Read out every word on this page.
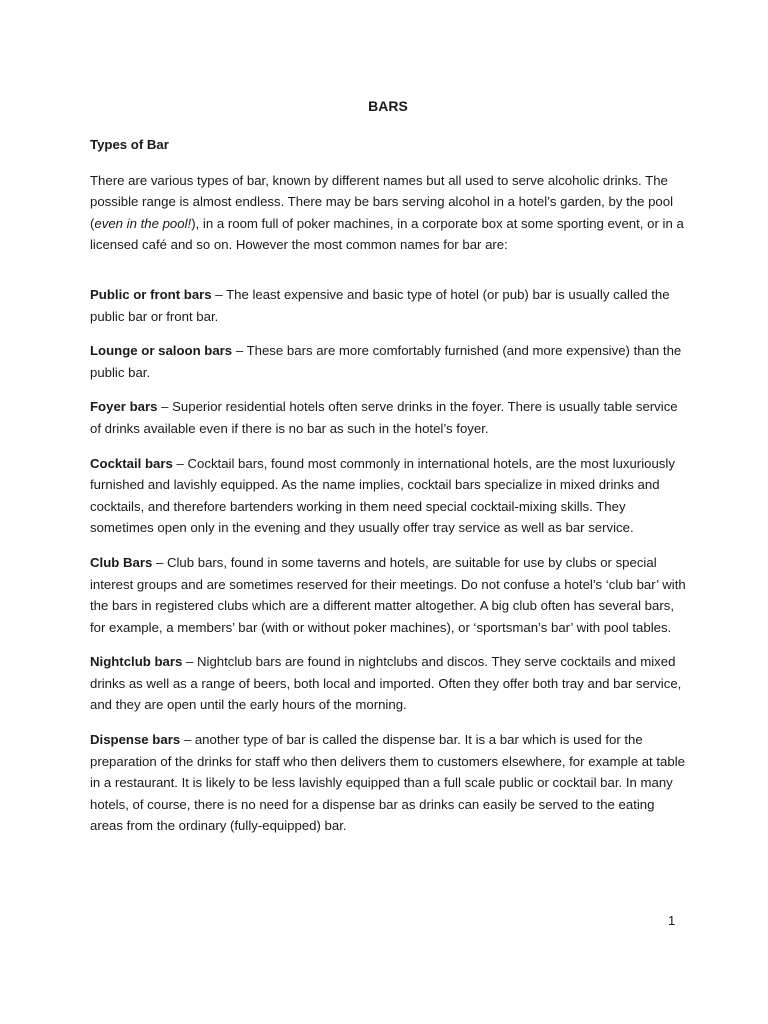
BARS
Types of Bar

There are various types of bar, known by different names but all used to serve alcoholic drinks. The possible range is almost endless. There may be bars serving alcohol in a hotel’s garden, by the pool (even in the pool!), in a room full of poker machines, in a corporate box at some sporting event, or in a licensed café and so on. However the most common names for bar are:

Public or front bars – The least expensive and basic type of hotel (or pub) bar is usually called the public bar or front bar.

Lounge or saloon bars – These bars are more comfortably furnished (and more expensive) than the public bar.

Foyer bars – Superior residential hotels often serve drinks in the foyer. There is usually table service of drinks available even if there is no bar as such in the hotel’s foyer.

Cocktail bars – Cocktail bars, found most commonly in international hotels, are the most luxuriously furnished and lavishly equipped. As the name implies, cocktail bars specialize in mixed drinks and cocktails, and therefore bartenders working in them need special cocktail-mixing skills. They sometimes open only in the evening and they usually offer tray service as well as bar service.

Club Bars – Club bars, found in some taverns and hotels, are suitable for use by clubs or special interest groups and are sometimes reserved for their meetings. Do not confuse a hotel’s ‘club bar’ with the bars in registered clubs which are a different matter altogether. A big club often has several bars, for example, a members’ bar (with or without poker machines), or ‘sportsman’s bar’ with pool tables.

Nightclub bars – Nightclub bars are found in nightclubs and discos. They serve cocktails and mixed drinks as well as a range of beers, both local and imported. Often they offer both tray and bar service, and they are open until the early hours of the morning.

Dispense bars – another type of bar is called the dispense bar. It is a bar which is used for the preparation of the drinks for staff who then delivers them to customers elsewhere, for example at table in a restaurant. It is likely to be less lavishly equipped than a full scale public or cocktail bar. In many hotels, of course, there is no need for a dispense bar as drinks can easily be served to the eating areas from the ordinary (fully-equipped) bar.

1
